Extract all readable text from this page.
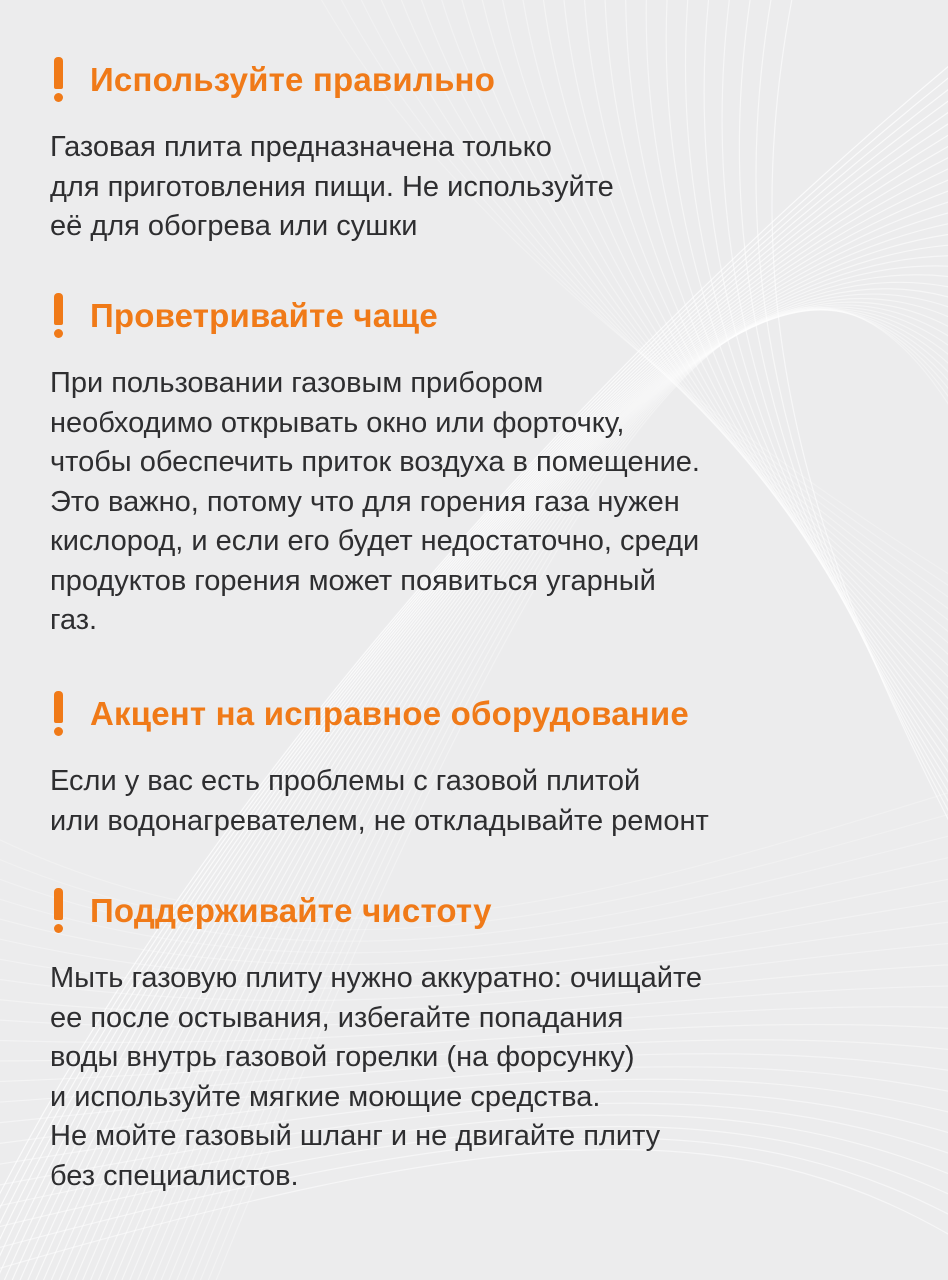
Используйте правильно
Газовая плита предназначена только
для приготовления пищи. Не используйте
её для обогрева или сушки
Проветривайте чаще
При пользовании газовым прибором
необходимо открывать окно или форточку,
чтобы обеспечить приток воздуха в помещение.
Это важно, потому что для горения газа нужен
кислород, и если его будет недостаточно, среди
продуктов горения может появиться угарный
газ.
Акцент на исправное оборудование
Если у вас есть проблемы с газовой плитой
или водонагревателем, не откладывайте ремонт
Поддерживайте чистоту
Мыть газовую плиту нужно аккуратно: очищайте
ее после остывания, избегайте попадания
воды внутрь газовой горелки (на форсунку)
и используйте мягкие моющие средства.
Не мойте газовый шланг и не двигайте плиту
без специалистов.
